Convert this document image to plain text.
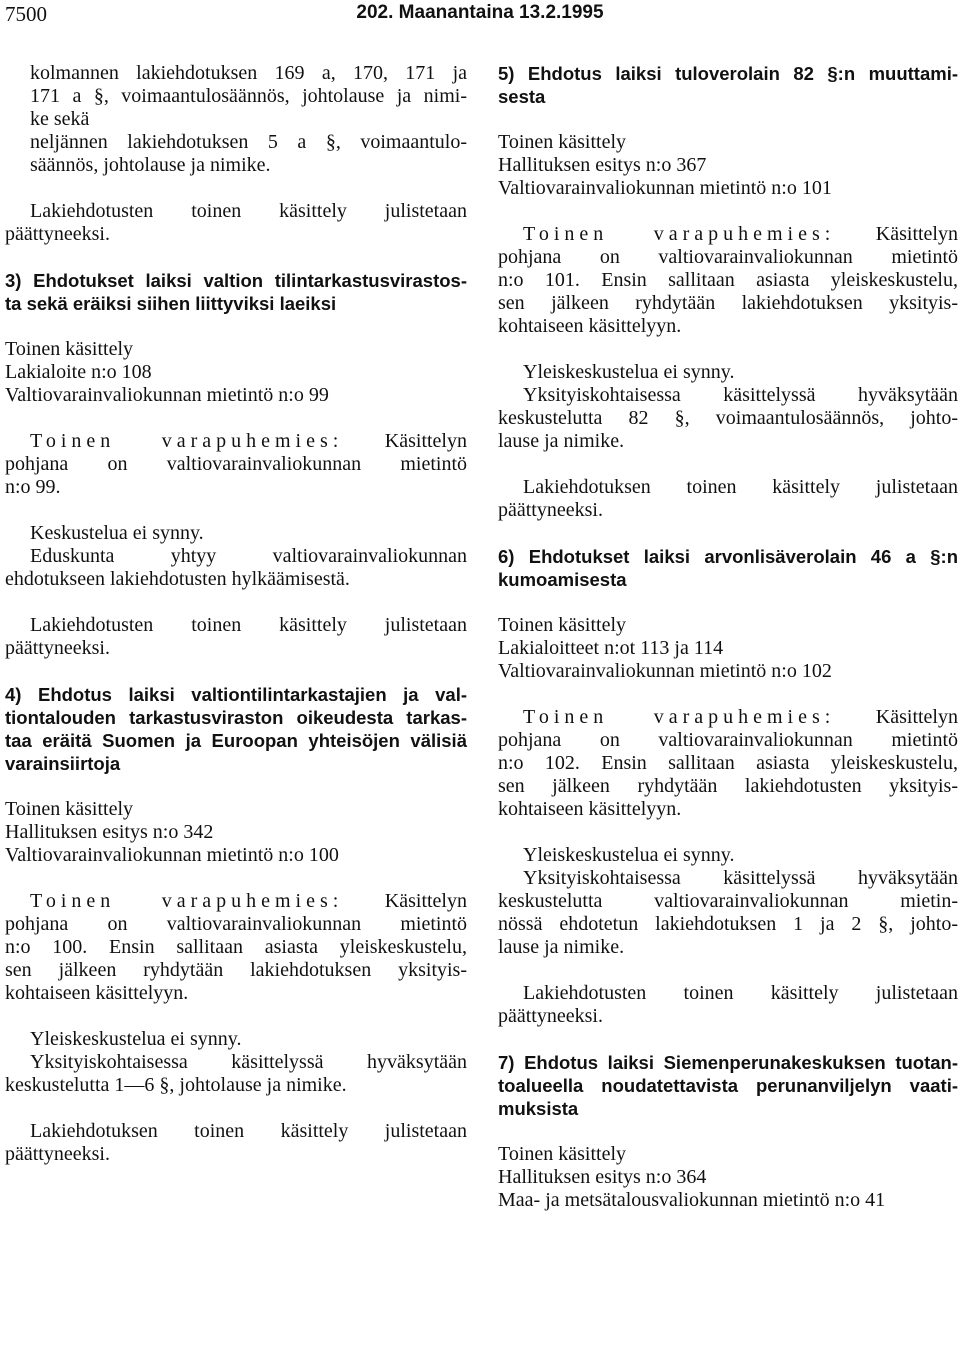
7500	202. Maanantaina 13.2.1995

kolmannen lakiehdotuksen 169 a, 170, 171 ja

171 a §, voimaantulosäännös, johtolause ja nimi-

ke sekä

neljännen lakiehdotuksen 5 a §, voimaantulo-

säännös, johtolause ja nimike.

Lakiehdotusten toinen käsittely julistetaan

päättyneeksi.

3) Ehdotukset laiksi valtion tilintarkastusvirastos-
ta sekä eräiksi siihen liittyviksi laeiksi

Toinen käsittely

Lakialoite n:o 108

Valtiovarainvaliokunnan mietintö n:o 99

Toinen varapuhemies: Käsittelyn

pohjana on valtiovarainvaliokunnan mietintö

n:o 99.

Keskustelua ei synny.

Eduskunta yhtyy valtiovarainvaliokunnan

ehdotukseen lakiehdotusten hylkäämisestä.

Lakiehdotusten toinen käsittely julistetaan

päättyneeksi.

4) Ehdotus laiksi valtiontilintarkastajien ja val-
tiontalouden tarkastusviraston oikeudesta tarkas-
taa eräitä Suomen ja Euroopan yhteisöjen välisiä
varainsiirtoja

Toinen käsittely

Hallituksen esitys n:o 342

Valtiovarainvaliokunnan mietintö n:o 100

Toinen varapuhemies: Käsittelyn

pohjana on valtiovarainvaliokunnan mietintö

n:o 100. Ensin sallitaan asiasta yleiskeskustelu,

sen jälkeen ryhdytään lakiehdotuksen yksityis-

kohtaiseen käsittelyyn.

Yleiskeskustelua ei synny.

Yksityiskohtaisessa käsittelyssä hyväksytään

keskustelutta 1—6 §, johtolause ja nimike.

Lakiehdotuksen toinen käsittely julistetaan

päättyneeksi.

5) Ehdotus laiksi tuloverolain 82 §:n muuttami-
sesta

Toinen käsittely

Hallituksen esitys n:o 367

Valtiovarainvaliokunnan mietintö n:o 101

Toinen varapuhemies: Käsittelyn

pohjana on valtiovarainvaliokunnan mietintö

n:o 101. Ensin sallitaan asiasta yleiskeskustelu,

sen jälkeen ryhdytään lakiehdotuksen yksityis-

kohtaiseen käsittelyyn.

Yleiskeskustelua ei synny.

Yksityiskohtaisessa käsittelyssä hyväksytään

keskustelutta 82 §, voimaantulosäännös, johto-

lause ja nimike.

Lakiehdotuksen toinen käsittely julistetaan

päättyneeksi.

6) Ehdotukset laiksi arvonlisäverolain 46 a §:n
kumoamisesta

Toinen käsittely

Lakialoitteet n:ot 113 ja 114

Valtiovarainvaliokunnan mietintö n:o 102

Toinen varapuhemies: Käsittelyn

pohjana on valtiovarainvaliokunnan mietintö

n:o 102. Ensin sallitaan asiasta yleiskeskustelu,

sen jälkeen ryhdytään lakiehdotusten yksityis-

kohtaiseen käsittelyyn.

Yleiskeskustelua ei synny.

Yksityiskohtaisessa käsittelyssä hyväksytään

keskustelutta valtiovarainvaliokunnan mietin-

nössä ehdotetun lakiehdotuksen 1 ja 2 §, johto-

lause ja nimike.

Lakiehdotusten toinen käsittely julistetaan

päättyneeksi.

7) Ehdotus laiksi Siemenperunakeskuksen tuotan-
toalueella noudatettavista perunanviljelyn vaati-
muksista

Toinen käsittely

Hallituksen esitys n:o 364

Maa- ja metsätalousvaliokunnan mietintö n:o 41
